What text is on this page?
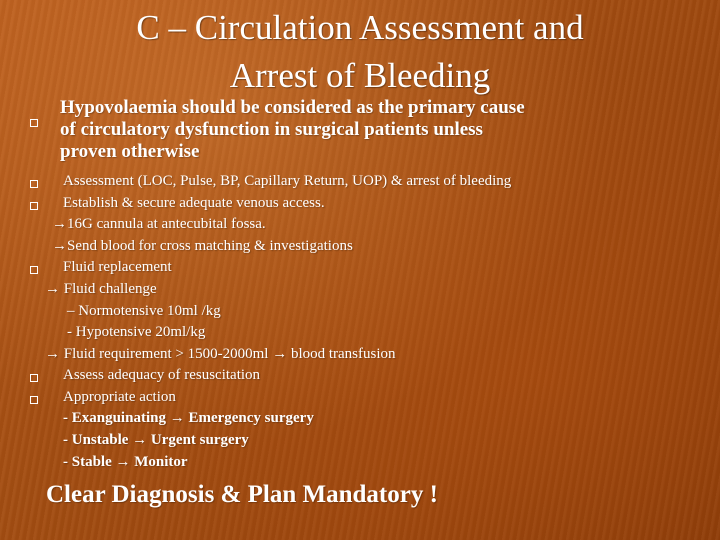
C – Circulation Assessment and
Arrest of Bleeding
Hypovolaemia should be considered as the primary cause
of circulatory dysfunction in surgical patients unless
proven otherwise
Assessment (LOC, Pulse, BP, Capillary Return, UOP) & arrest of bleeding
Establish & secure adequate venous access.
→16G cannula at antecubital fossa.
→Send blood for cross matching & investigations
Fluid replacement
→ Fluid challenge
– Normotensive 10ml /kg
- Hypotensive 20ml/kg
→ Fluid requirement > 1500-2000ml → blood transfusion
Assess adequacy of resuscitation
Appropriate action
- Exanguinating → Emergency surgery
- Unstable → Urgent surgery
- Stable → Monitor
Clear Diagnosis & Plan Mandatory !
